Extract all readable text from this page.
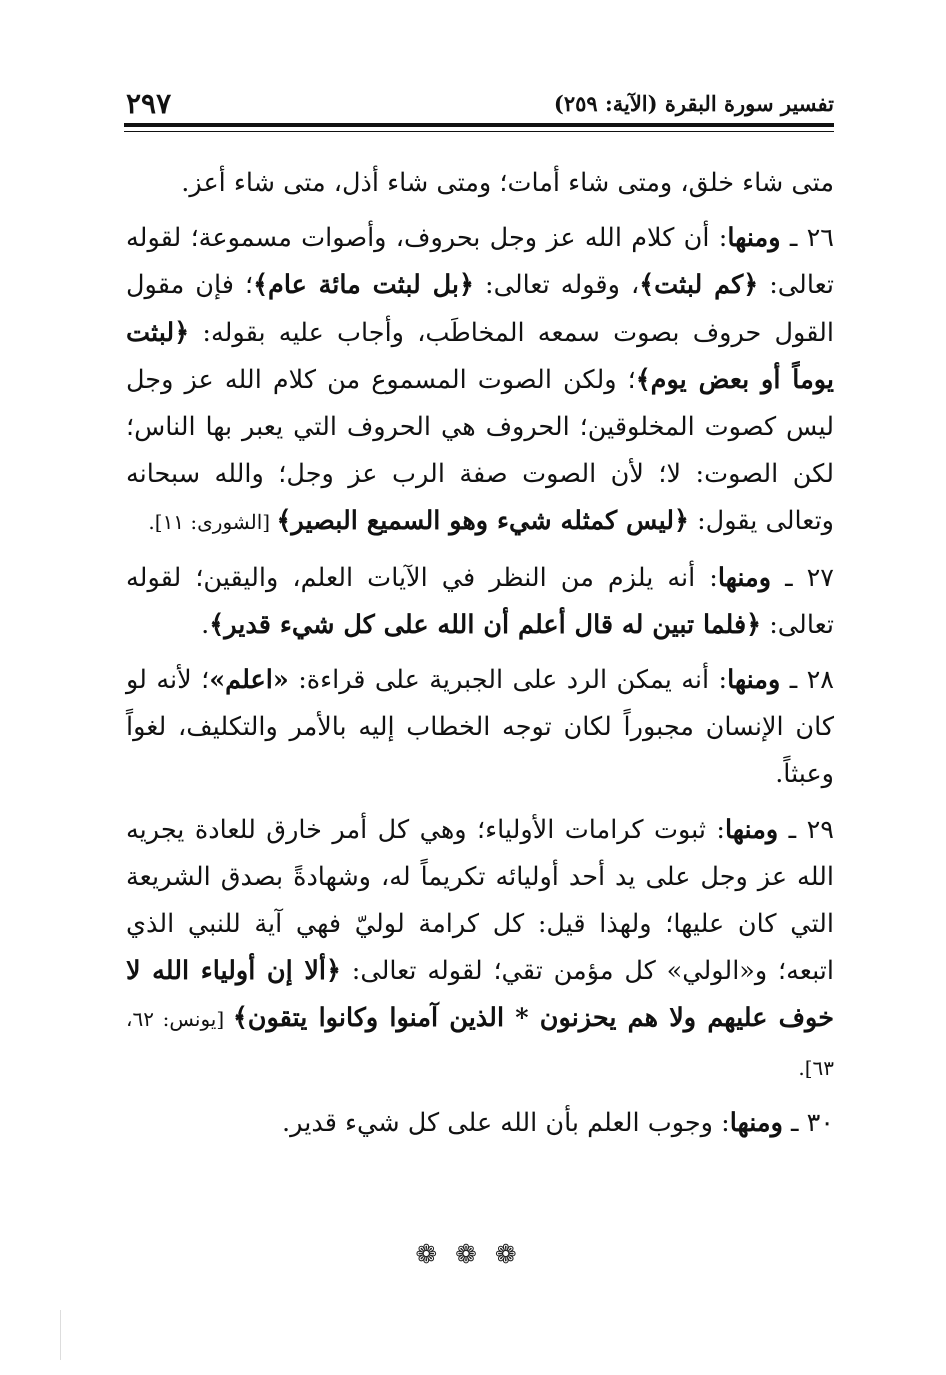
٢٩٧	تفسير سورة البقرة (الآية: ٢٥٩)

متى شاء خلق، ومتى شاء أمات؛ ومتى شاء أذل، متى شاء أعز.

٢٦ ـ ومنها: أن كلام الله عز وجل بحروف، وأصوات مسموعة؛ لقوله تعالى: ﴿كم لبثت﴾، وقوله تعالى: ﴿بل لبثت مائة عام﴾؛ فإن مقول القول حروف بصوت سمعه المخاطَب، وأجاب عليه بقوله: ﴿لبثت يوماً أو بعض يوم﴾؛ ولكن الصوت المسموع من كلام الله عز وجل ليس كصوت المخلوقين؛ الحروف هي الحروف التي يعبر بها الناس؛ لكن الصوت: لا؛ لأن الصوت صفة الرب عز وجل؛ والله سبحانه وتعالى يقول: ﴿ليس كمثله شيء وهو السميع البصير﴾ [الشورى: ١١].

٢٧ ـ ومنها: أنه يلزم من النظر في الآيات العلم، واليقين؛ لقوله تعالى: ﴿فلما تبين له قال أعلم أن الله على كل شيء قدير﴾.

٢٨ ـ ومنها: أنه يمكن الرد على الجبرية على قراءة: «اعلم»؛ لأنه لو كان الإنسان مجبوراً لكان توجه الخطاب إليه بالأمر والتكليف، لغواً وعبثاً.

٢٩ ـ ومنها: ثبوت كرامات الأولياء؛ وهي كل أمر خارق للعادة يجريه الله عز وجل على يد أحد أوليائه تكريماً له، وشهادةً بصدق الشريعة التي كان عليها؛ ولهذا قيل: كل كرامة لوليّ فهي آية للنبي الذي اتبعه؛ و«الولي» كل مؤمن تقي؛ لقوله تعالى: ﴿ألا إن أولياء الله لا خوف عليهم ولا هم يحزنون * الذين آمنوا وكانوا يتقون﴾ [يونس: ٦٢، ٦٣].

٣٠ ـ ومنها: وجوب العلم بأن الله على كل شيء قدير.

❁❁❁
